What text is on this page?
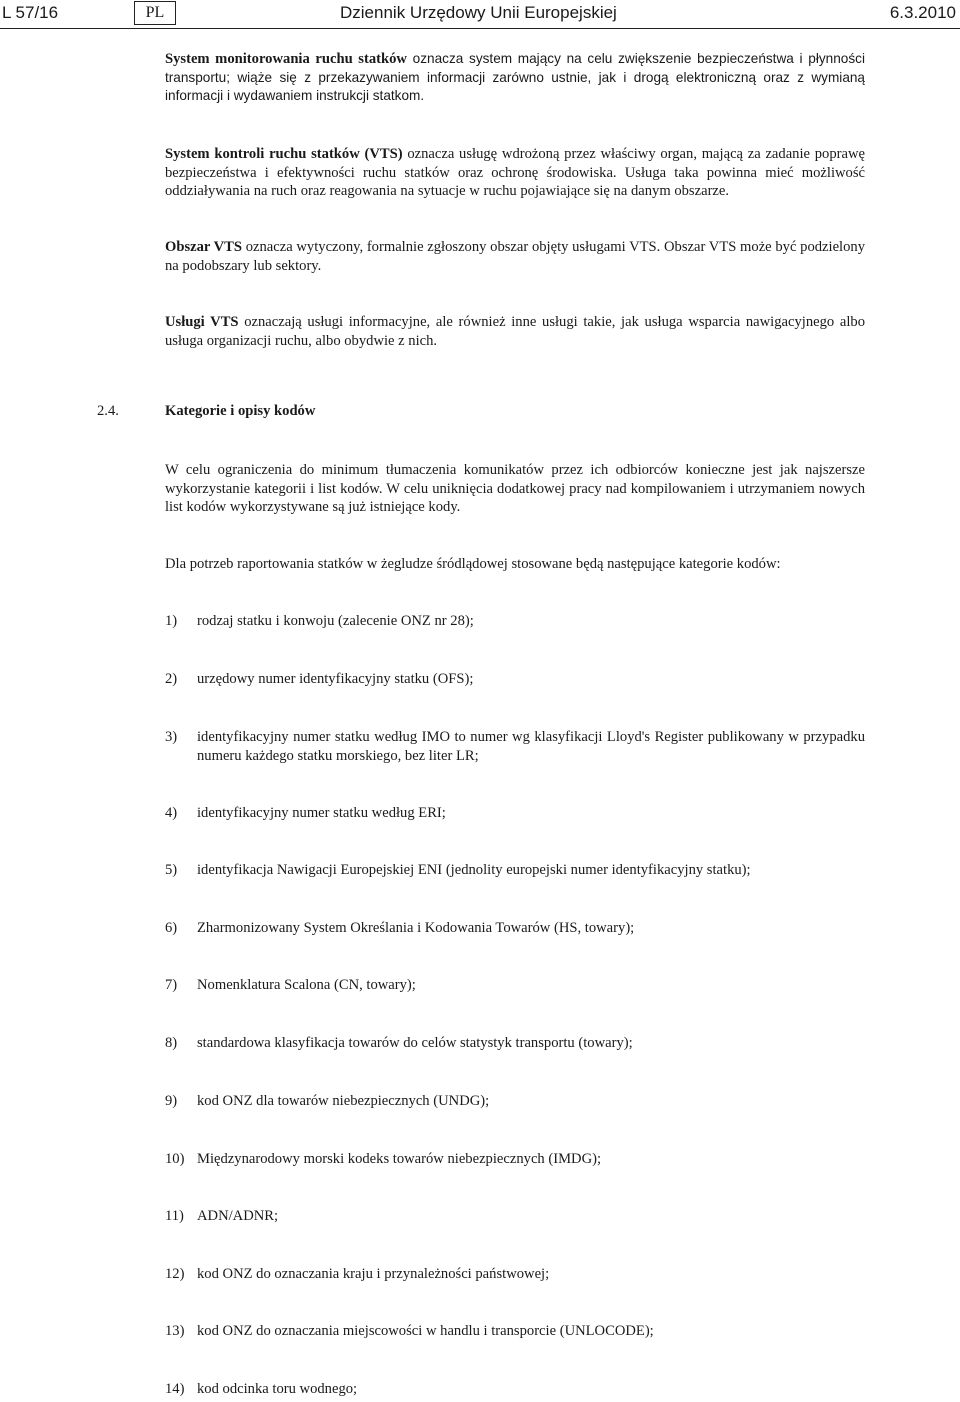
L 57/16	PL	Dziennik Urzędowy Unii Europejskiej	6.3.2010

System monitorowania ruchu statków oznacza system mający na celu zwiększenie bezpieczeństwa i płynności transportu; wiąże się z przekazywaniem informacji zarówno ustnie, jak i drogą elektroniczną oraz z wymianą informacji i wydawaniem instrukcji statkom.

System kontroli ruchu statków (VTS) oznacza usługę wdrożoną przez właściwy organ, mającą za zadanie poprawę bezpieczeństwa i efektywności ruchu statków oraz ochronę środowiska. Usługa taka powinna mieć możliwość oddziaływania na ruch oraz reagowania na sytuacje w ruchu pojawiające się na danym obszarze.

Obszar VTS oznacza wytyczony, formalnie zgłoszony obszar objęty usługami VTS. Obszar VTS może być podzielony na podobszary lub sektory.

Usługi VTS oznaczają usługi informacyjne, ale również inne usługi takie, jak usługa wsparcia nawigacyjnego albo usługa organizacji ruchu, albo obydwie z nich.

2.4.	Kategorie i opisy kodów

W celu ograniczenia do minimum tłumaczenia komunikatów przez ich odbiorców konieczne jest jak najszersze wykorzystanie kategorii i list kodów. W celu uniknięcia dodatkowej pracy nad kompilowaniem i utrzymaniem nowych list kodów wykorzystywane są już istniejące kody.

Dla potrzeb raportowania statków w żegludze śródlądowej stosowane będą następujące kategorie kodów:

1) rodzaj statku i konwoju (zalecenie ONZ nr 28);
2) urzędowy numer identyfikacyjny statku (OFS);
3) identyfikacyjny numer statku według IMO to numer wg klasyfikacji Lloyd's Register publikowany w przypadku numeru każdego statku morskiego, bez liter LR;
4) identyfikacyjny numer statku według ERI;
5) identyfikacja Nawigacji Europejskiej ENI (jednolity europejski numer identyfikacyjny statku);
6) Zharmonizowany System Określania i Kodowania Towarów (HS, towary);
7) Nomenklatura Scalona (CN, towary);
8) standardowa klasyfikacja towarów do celów statystyk transportu (towary);
9) kod ONZ dla towarów niebezpiecznych (UNDG);
10) Międzynarodowy morski kodeks towarów niebezpiecznych (IMDG);
11) ADN/ADNR;
12) kod ONZ do oznaczania kraju i przynależności państwowej;
13) kod ONZ do oznaczania miejscowości w handlu i transporcie (UNLOCODE);
14) kod odcinka toru wodnego;
